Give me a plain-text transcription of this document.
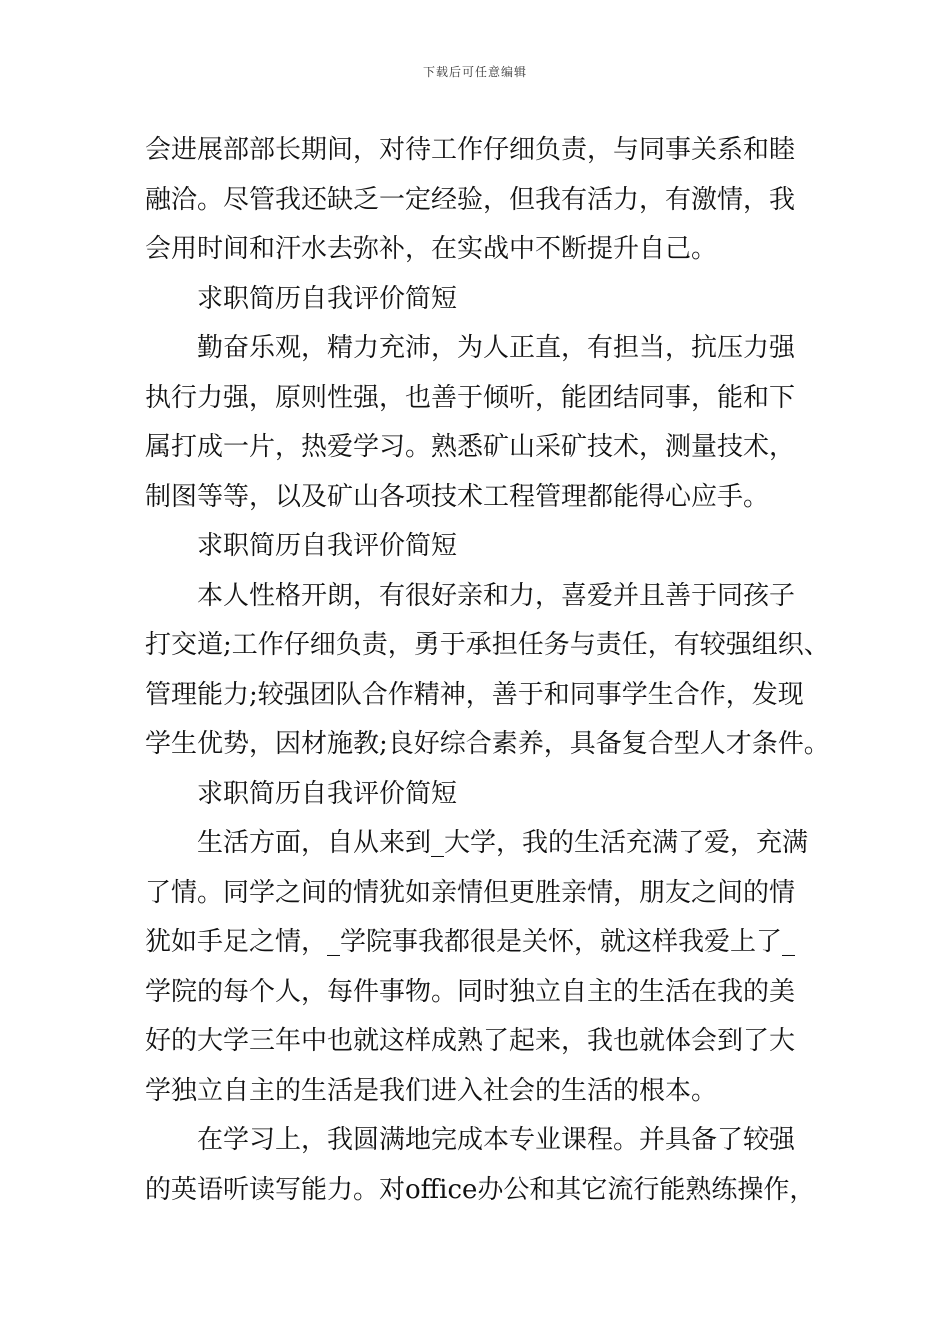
下载后可任意编辑
会进展部部长期间，对待工作仔细负责，与同事关系和睦
融洽。尽管我还缺乏一定经验，但我有活力，有激情，我
会用时间和汗水去弥补，在实战中不断提升自己。
求职简历自我评价简短
勤奋乐观，精力充沛，为人正直，有担当，抗压力强
执行力强，原则性强，也善于倾听，能团结同事，能和下
属打成一片，热爱学习。熟悉矿山采矿技术，测量技术，
制图等等，以及矿山各项技术工程管理都能得心应手。
求职简历自我评价简短
本人性格开朗，有很好亲和力，喜爱并且善于同孩子
打交道;工作仔细负责，勇于承担任务与责任，有较强组织、
管理能力;较强团队合作精神，善于和同事学生合作，发现
学生优势，因材施教;良好综合素养，具备复合型人才条件。
求职简历自我评价简短
生活方面，自从来到_大学，我的生活充满了爱，充满
了情。同学之间的情犹如亲情但更胜亲情，朋友之间的情
犹如手足之情，_学院事我都很是关怀，就这样我爱上了_
学院的每个人，每件事物。同时独立自主的生活在我的美
好的大学三年中也就这样成熟了起来，我也就体会到了大
学独立自主的生活是我们进入社会的生活的根本。
在学习上，我圆满地完成本专业课程。并具备了较强
的英语听读写能力。对office办公和其它流行能熟练操作，
